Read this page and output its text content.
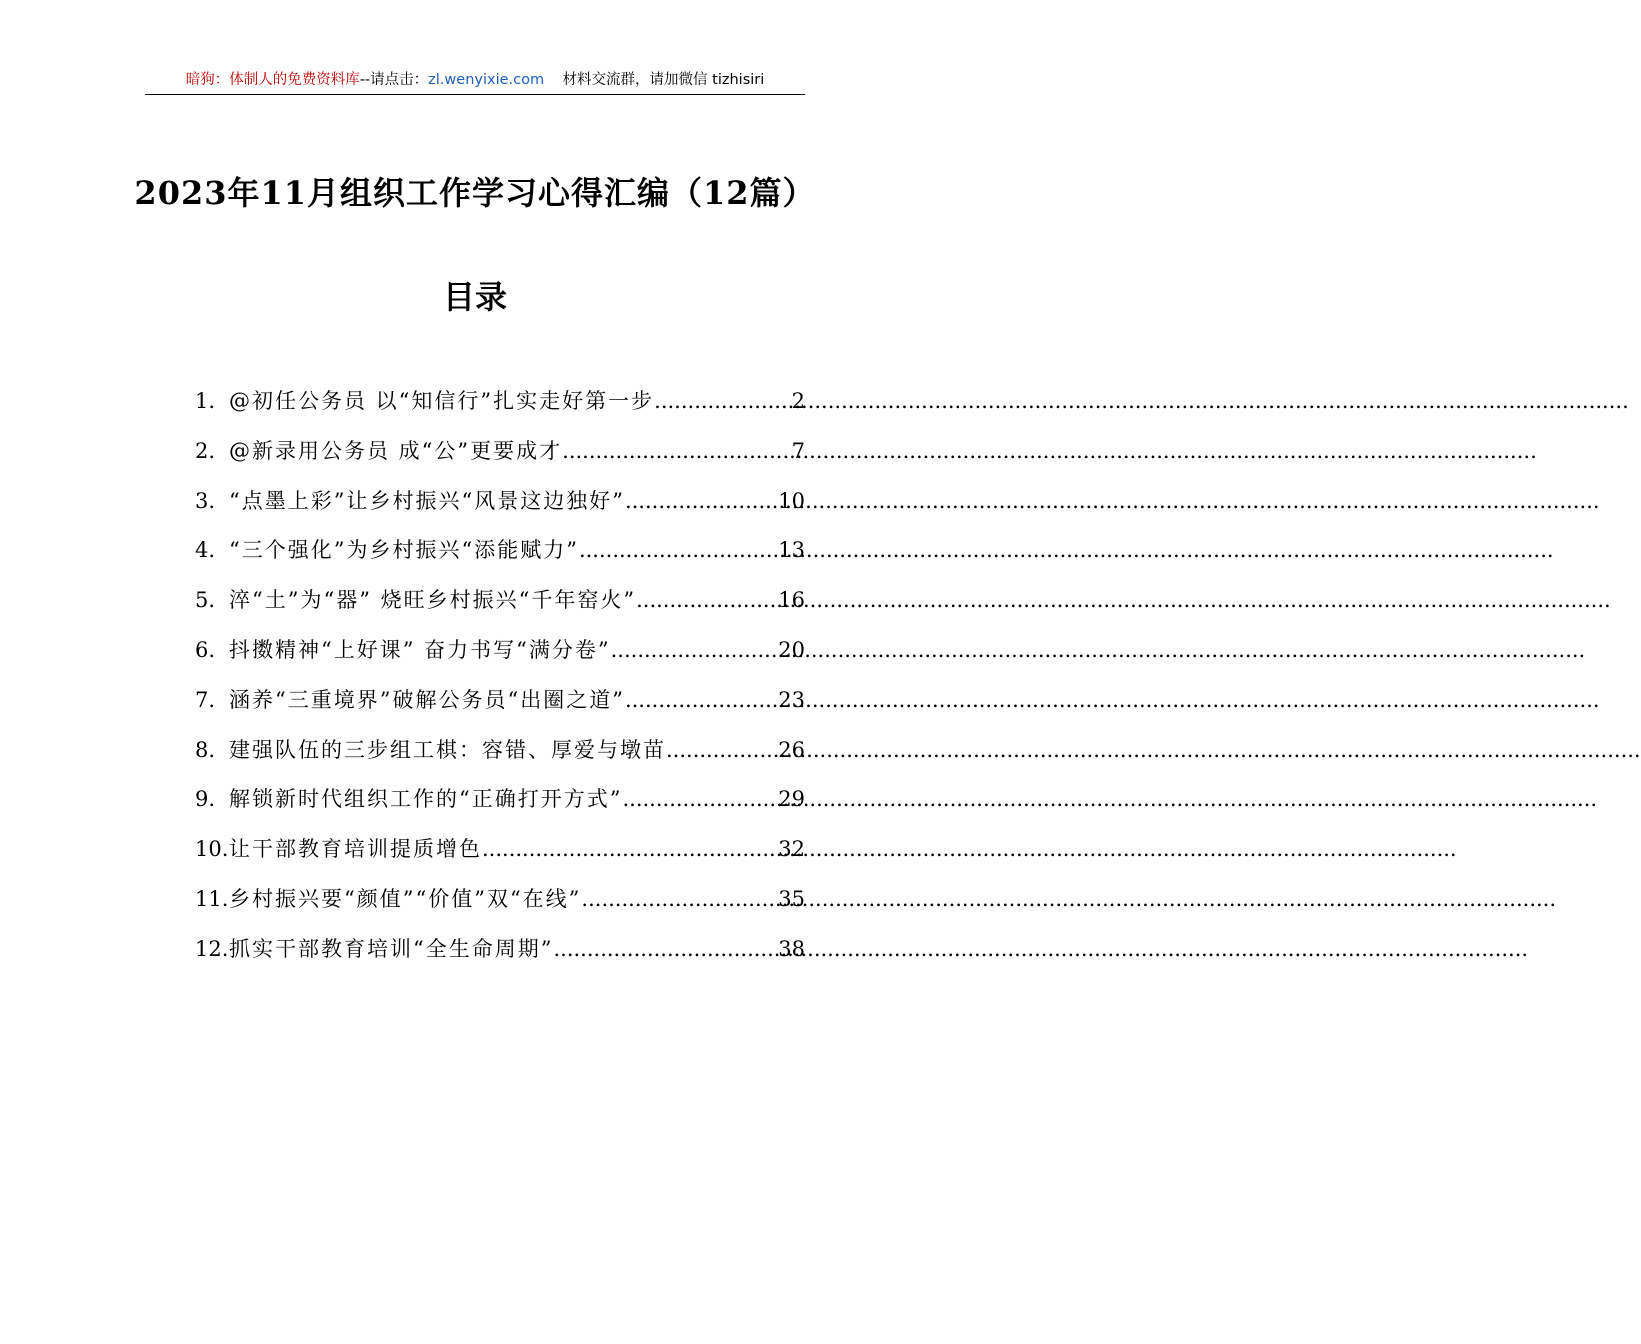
暗狗：体制人的免费资料库--请点击：zl.wenyixie.com 材料交流群，请加微信 tizhisiri
2023年11月组织工作学习心得汇编（12篇）
目录
1. @初任公务员 以“知信行”扎实走好第一步 .....	2
2. @新录用公务员 成“公”更要成才 .....	7
3. “点墨上彩”让乡村振兴“风景这边独好” .....	10
4. “三个强化”为乡村振兴“添能赋力” .....	13
5. 淬“土”为“器” 烧旺乡村振兴“千年窑火” .....	16
6. 抖擞精神“上好课” 奋力书写“满分卷” .....	20
7. 涵养“三重境界”破解公务员“出圈之道” .....	23
8. 建强队伍的三步组工棋：容错、厚爱与墩苗 .....	26
9. 解锁新时代组织工作的“正确打开方式” .....	29
10. 让干部教育培训提质增色 .....	32
11. 乡村振兴要“颜值”“价值”双“在线” .....	35
12. 抓实干部教育培训“全生命周期” .....	38
